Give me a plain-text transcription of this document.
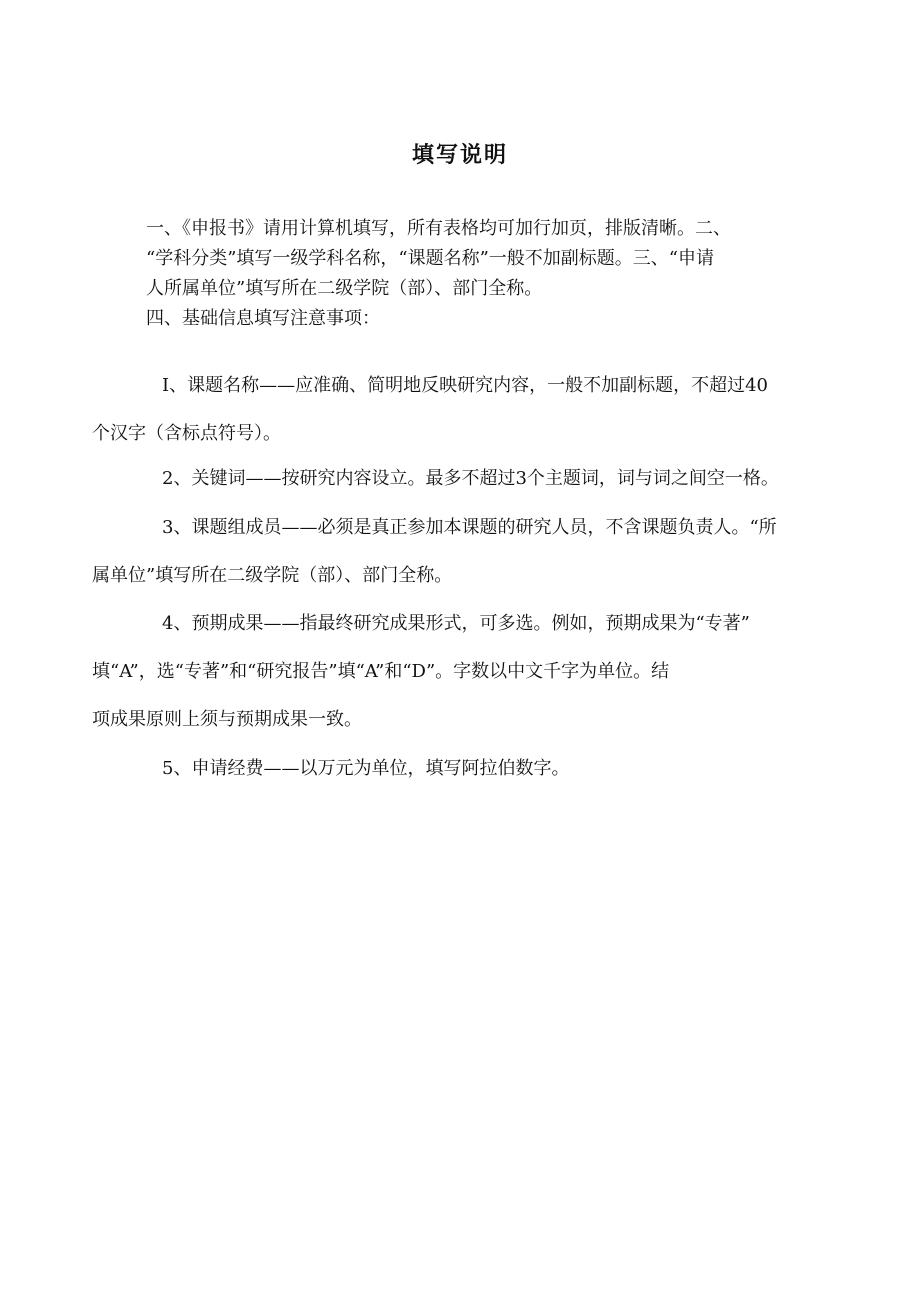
填写说明
一、《申报书》请用计算机填写，所有表格均可加行加页，排版清晰。二、
“学科分类”填写一级学科名称，“课题名称”一般不加副标题。三、“申请
人所属单位”填写所在二级学院（部）、部门全称。
四、基础信息填写注意事项：
I、课题名称——应准确、简明地反映研究内容，一般不加副标题，不超过40
个汉字（含标点符号）。
2、关键词——按研究内容设立。最多不超过3个主题词，词与词之间空一格。
3、课题组成员——必须是真正参加本课题的研究人员，不含课题负责人。“所
属单位”填写所在二级学院（部）、部门全称。
4、预期成果——指最终研究成果形式，可多选。例如，预期成果为“专著”
填“A”，选“专著”和“研究报告”填“A”和“D”。字数以中文千字为单位。结
项成果原则上须与预期成果一致。
5、申请经费——以万元为单位，填写阿拉伯数字。
